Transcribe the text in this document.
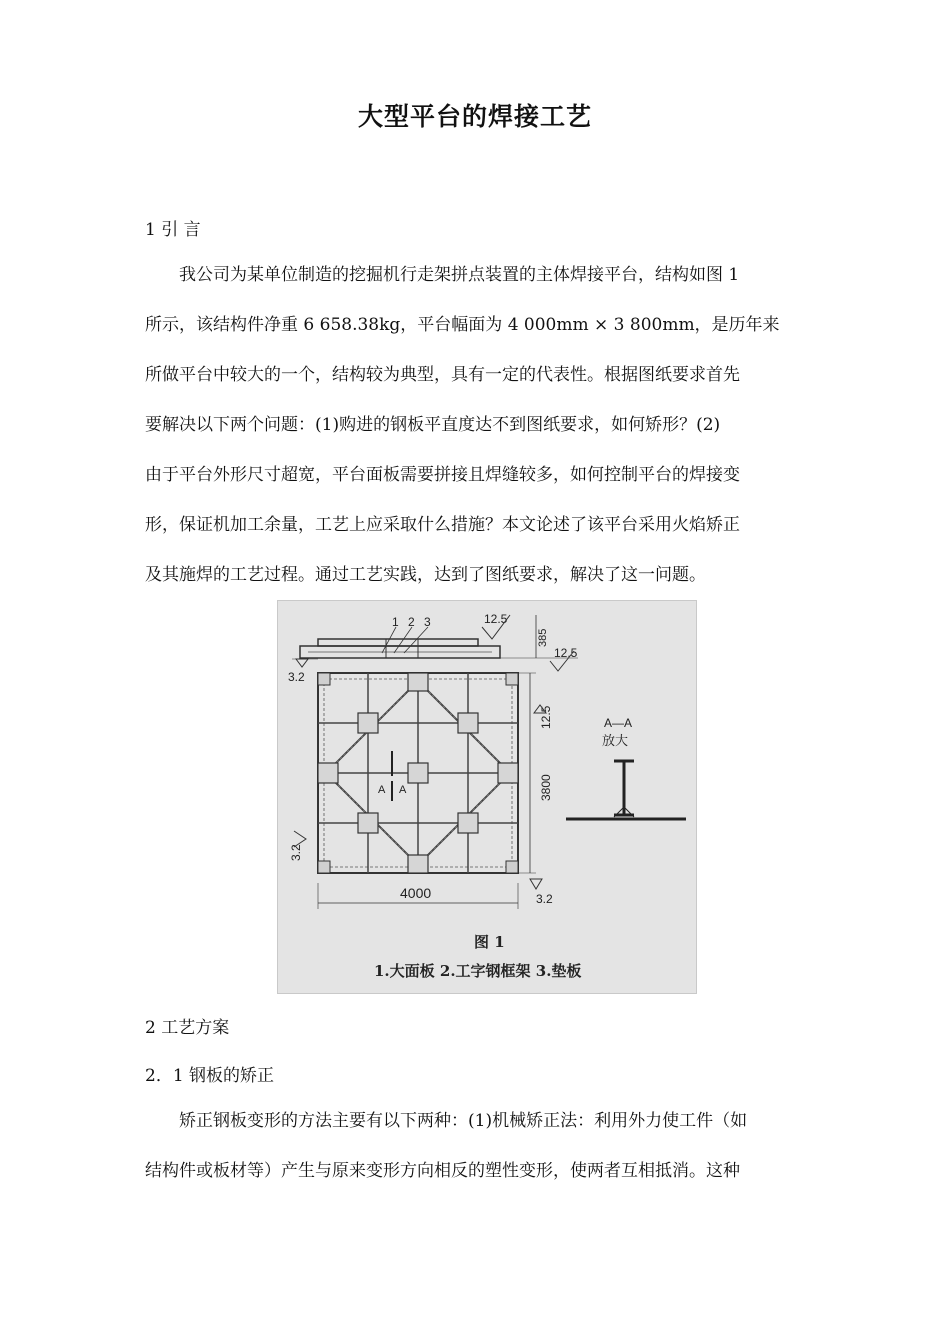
大型平台的焊接工艺
1 引 言
我公司为某单位制造的挖掘机行走架拼点装置的主体焊接平台，结构如图 1
所示，该结构件净重 6 658.38kg，平台幅面为 4 000mm × 3 800mm，是历年来
所做平台中较大的一个，结构较为典型，具有一定的代表性。根据图纸要求首先
要解决以下两个问题：(1)购进的钢板平直度达不到图纸要求，如何矫形？(2)
由于平台外形尺寸超宽，平台面板需要拼接且焊缝较多，如何控制平台的焊接变
形，保证机加工余量，工艺上应采取什么措施？本文论述了该平台采用火焰矫正
及其施焊的工艺过程。通过工艺实践，达到了图纸要求，解决了这一问题。
1 2 3	12.5
385
12.5
A A
3.2
3.2
3800
12.5
4000	3.2
A—A
放大
图 1
1.大面板 2.工字钢框架 3.垫板
2 工艺方案
2．1 钢板的矫正
矫正钢板变形的方法主要有以下两种：(1)机械矫正法：利用外力使工件（如
结构件或板材等）产生与原来变形方向相反的塑性变形，使两者互相抵消。这种
